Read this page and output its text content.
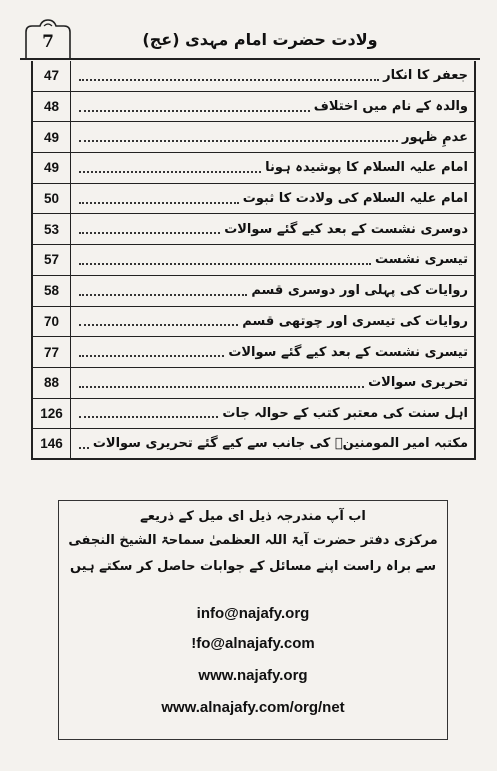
7	ولادت حضرت امام مہدی (عج)
47	جعفر کا انکار
48	والدہ کے نام میں اختلاف
49	عدمِ ظہور
49	امام علیہ السلام کا پوشیدہ ہونا
50	امام علیہ السلام کی ولادت کا ثبوت
53	دوسری نشست کے بعد کیے گئے سوالات
57	تیسری نشست
58	روایات کی پہلی اور دوسری قسم
70	روایات کی تیسری اور چوتھی قسم
77	تیسری نشست کے بعد کیے گئے سوالات
88	تحریری سوالات
126	اہل سنت کی معتبر کتب کے حوالہ جات
146	مکتبہ امیر المومنینؑ کی جانب سے کیے گئے تحریری سوالات
اب آپ مندرجہ ذیل ای میل کے ذریعے
مرکزی دفتر حضرت آیۃ اللہ العظمیٰ سماحۃ الشیخ النجفی
سے براہ راست اپنے مسائل کے جوابات حاصل کر سکتے ہیں
info@najafy.org
!fo@alnajafy.com
www.najafy.org
www.alnajafy.com/org/net
